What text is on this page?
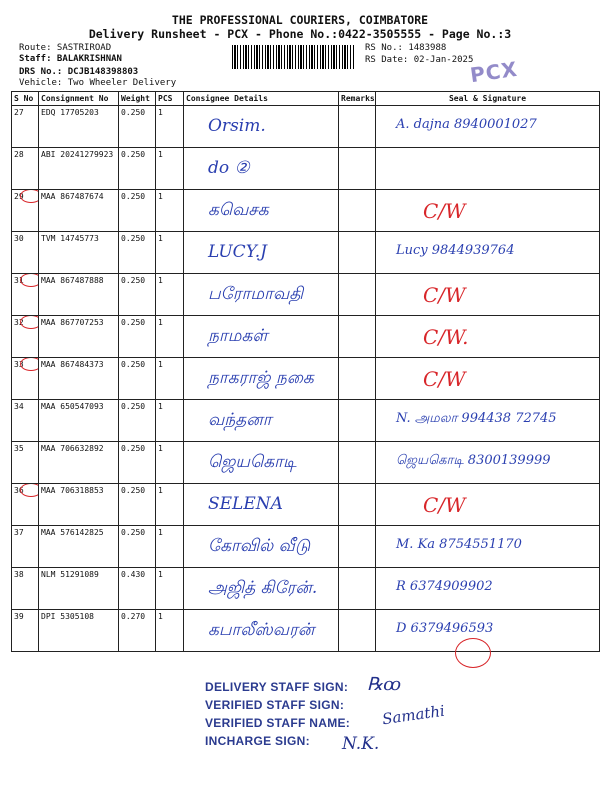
THE PROFESSIONAL COURIERS, COIMBATORE
Delivery Runsheet - PCX - Phone No.:0422-3505555 - Page No.:3
Route: SASTRIROAD
Staff: BALAKRISHNAN
DRS No.: DCJB148398803
Vehicle: Two Wheeler Delivery
RS No.: 1483988
RS Date: 02-Jan-2025
PCX
S No	Consignment No	Weight	PCS	Consignee Details	Remarks	Seal & Signature
27	EDQ 17705203	0.250	1	Orsim.		A. dajna 8940001027

28	ABI 20241279923	0.250	1	do ②		

29	MAA 867487674	0.250	1	கவெசக		C/W

30	TVM 14745773	0.250	1	LUCY.J		Lucy 9844939764

31	MAA 867487888	0.250	1	பரோமாவதி		C/W

32	MAA 867707253	0.250	1	நாமகள்		C/W.

33	MAA 867484373	0.250	1	நாகராஜ் நகை		C/W

34	MAA 650547093	0.250	1	வந்தனா		N. அமலா 994438 72745

35	MAA 706632892	0.250	1	ஜெயகொடி		ஜெயகொடி 8300139999

36	MAA 706318853	0.250	1	SELENA		C/W

37	MAA 576142825	0.250	1	கோவில் வீடு		M. Ka 8754551170

38	NLM 51291089	0.430	1	அஜித் கிரேன்.		R 6374909902

39	DPI 5305108	0.270	1	கபாலீஸ்வரன்		D 6379496593
DELIVERY STAFF SIGN: ℞ꝏ
VERIFIED STAFF SIGN:
VERIFIED STAFF NAME: Samathi
INCHARGE SIGN: N.K.
